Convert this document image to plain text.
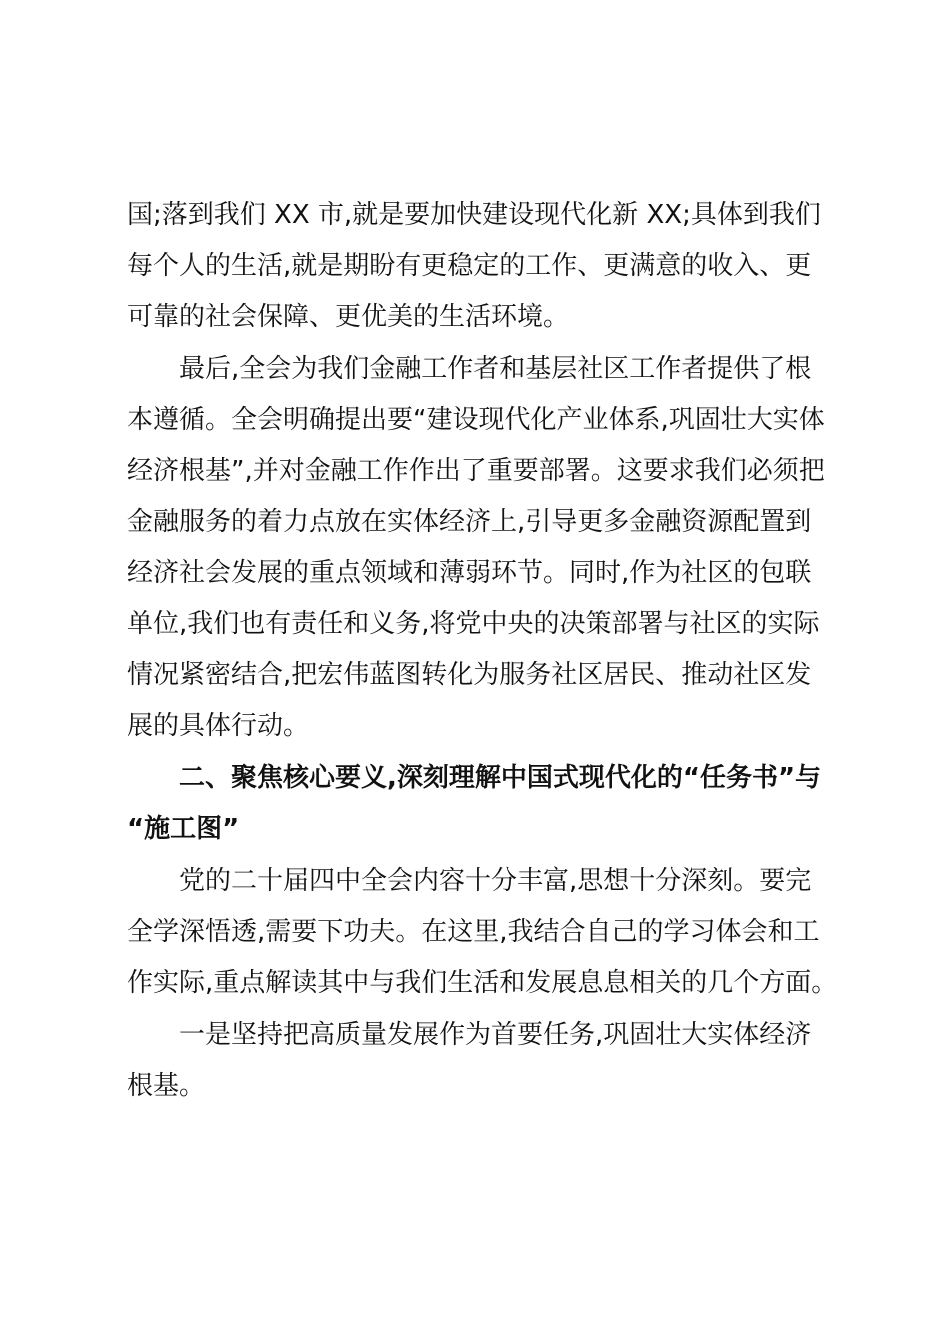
国;落到我们 XX 市,就是要加快建设现代化新 XX;具体到我们
每个人的生活,就是期盼有更稳定的工作、更满意的收入、更
可靠的社会保障、更优美的生活环境。
最后,全会为我们金融工作者和基层社区工作者提供了根
本遵循。全会明确提出要“建设现代化产业体系,巩固壮大实体
经济根基”,并对金融工作作出了重要部署。这要求我们必须把
金融服务的着力点放在实体经济上,引导更多金融资源配置到
经济社会发展的重点领域和薄弱环节。同时,作为社区的包联
单位,我们也有责任和义务,将党中央的决策部署与社区的实际
情况紧密结合,把宏伟蓝图转化为服务社区居民、推动社区发
展的具体行动。
二、聚焦核心要义,深刻理解中国式现代化的“任务书”与
“施工图”
党的二十届四中全会内容十分丰富,思想十分深刻。要完
全学深悟透,需要下功夫。在这里,我结合自己的学习体会和工
作实际,重点解读其中与我们生活和发展息息相关的几个方面。
一是坚持把高质量发展作为首要任务,巩固壮大实体经济
根基。
